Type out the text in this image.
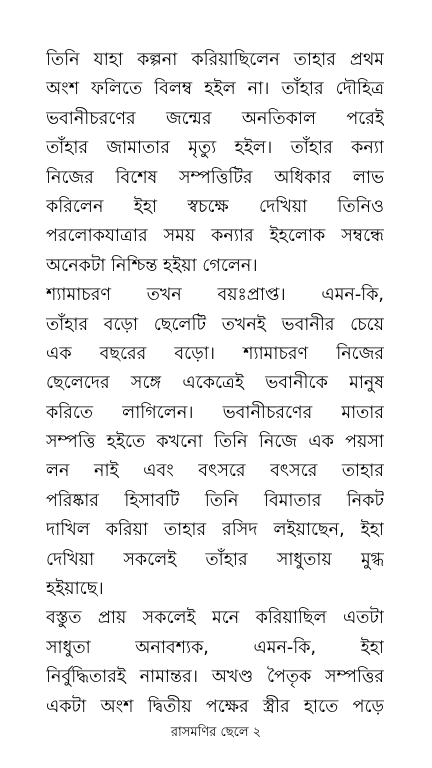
তিনি যাহা কল্পনা করিয়াছিলেন তাহার প্রথম
অংশ ফলিতে বিলম্ব হইল না। তাঁহার দৌহিত্র
ভবানীচরণের জন্মের অনতিকাল পরেই
তাঁহার জামাতার মৃত্যু হইল। তাঁহার কন্যা
নিজের বিশেষ সম্পত্তিটির অধিকার লাভ
করিলেন ইহা স্বচক্ষে দেখিয়া তিনিও
পরলোকযাত্রার সময় কন্যার ইহলোক সম্বন্ধে
অনেকটা নিশ্চিন্ত হইয়া গেলেন।
শ্যামাচরণ তখন বয়ঃপ্রাপ্ত। এমন-কি,
তাঁহার বড়ো ছেলেটি তখনই ভবানীর চেয়ে
এক বছরের বড়ো। শ্যামাচরণ নিজের
ছেলেদের সঙ্গে একেত্রেই ভবানীকে মানুষ
করিতে লাগিলেন। ভবানীচরণের মাতার
সম্পত্তি হইতে কখনো তিনি নিজে এক পয়সা
লন নাই এবং বৎসরে বৎসরে তাহার
পরিষ্কার হিসাবটি তিনি বিমাতার নিকট
দাখিল করিয়া তাহার রসিদ লইয়াছেন, ইহা
দেখিয়া সকলেই তাঁহার সাধুতায় মুগ্ধ
হইয়াছে।
বস্তুত প্রায় সকলেই মনে করিয়াছিল এতটা
সাধুতা অনাবশ্যক, এমন-কি, ইহা
নির্বুদ্ধিতারই নামান্তর। অখণ্ড পৈতৃক সম্পত্তির
একটা অংশ দ্বিতীয় পক্ষের স্ত্রীর হাতে পড়ে
রাসমণির ছেলে ২
